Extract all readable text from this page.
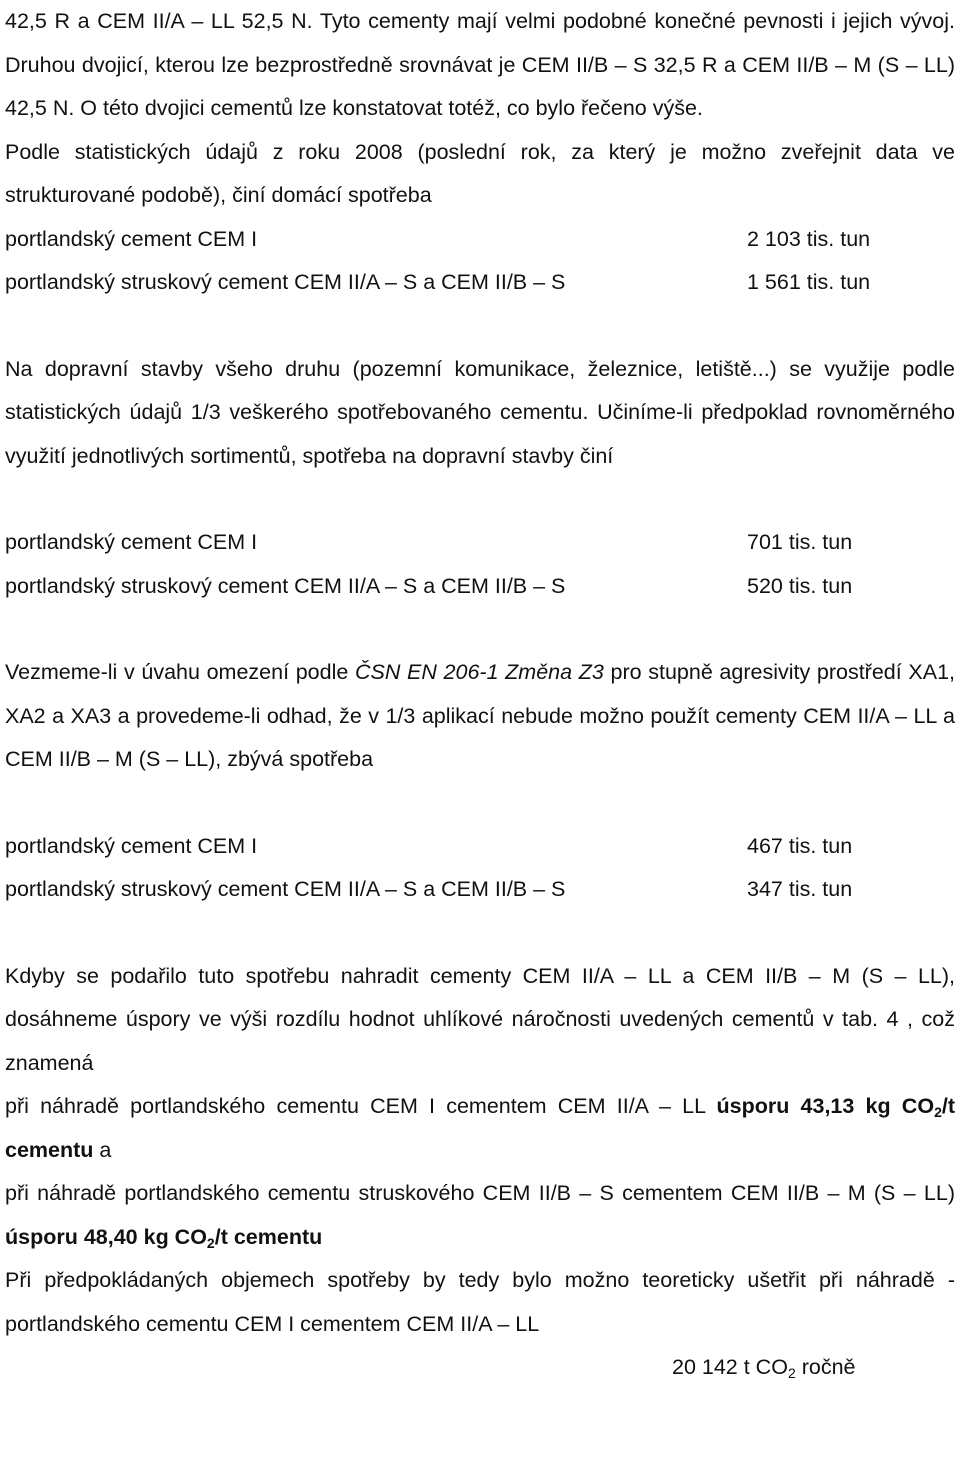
42,5 R a CEM II/A – LL 52,5 N. Tyto cementy mají velmi podobné konečné pevnosti i jejich vývoj. Druhou dvojicí, kterou lze bezprostředně srovnávat je CEM II/B – S 32,5 R a CEM II/B – M (S – LL) 42,5 N. O této dvojici cementů lze konstatovat totéž, co bylo řečeno výše.

Podle statistických údajů z roku 2008 (poslední rok, za který je možno zveřejnit data ve strukturované podobě), činí domácí spotřeba

portlandský cement CEM I	2 103 tis. tun
portlandský struskový cement CEM II/A – S a CEM II/B – S	1 561 tis. tun

Na dopravní stavby všeho druhu (pozemní komunikace, železnice, letiště...) se využije podle statistických údajů 1/3 veškerého spotřebovaného cementu. Učiníme-li předpoklad rovnoměrného využití jednotlivých sortimentů, spotřeba na dopravní stavby činí

portlandský cement CEM I	701 tis. tun
portlandský struskový cement CEM II/A – S a CEM II/B – S	520 tis. tun

Vezmeme-li v úvahu omezení podle ČSN EN 206-1 Změna Z3 pro stupně agresivity prostředí XA1, XA2 a XA3 a provedeme-li odhad, že v 1/3 aplikací nebude možno použít cementy CEM II/A – LL a CEM II/B – M (S – LL), zbývá spotřeba

portlandský cement CEM I	467 tis. tun
portlandský struskový cement CEM II/A – S a CEM II/B – S	347 tis. tun

Kdyby se podařilo tuto spotřebu nahradit cementy CEM II/A – LL a CEM II/B – M (S – LL), dosáhneme úspory ve výši rozdílu hodnot uhlíkové náročnosti uvedených cementů v tab. 4 , což znamená

při náhradě portlandského cementu CEM I cementem CEM II/A – LL úsporu 43,13 kg $CO_2/t$ cementu a

při náhradě portlandského cementu struskového CEM II/B – S cementem CEM II/B – M (S – LL) úsporu 48,40 kg $CO_2/t$ cementu

Při předpokládaných objemech spotřeby by tedy bylo možno teoreticky ušetřit při náhradě - portlandského cementu CEM I cementem CEM II/A – LL

20 142 t $CO_2$ ročně
